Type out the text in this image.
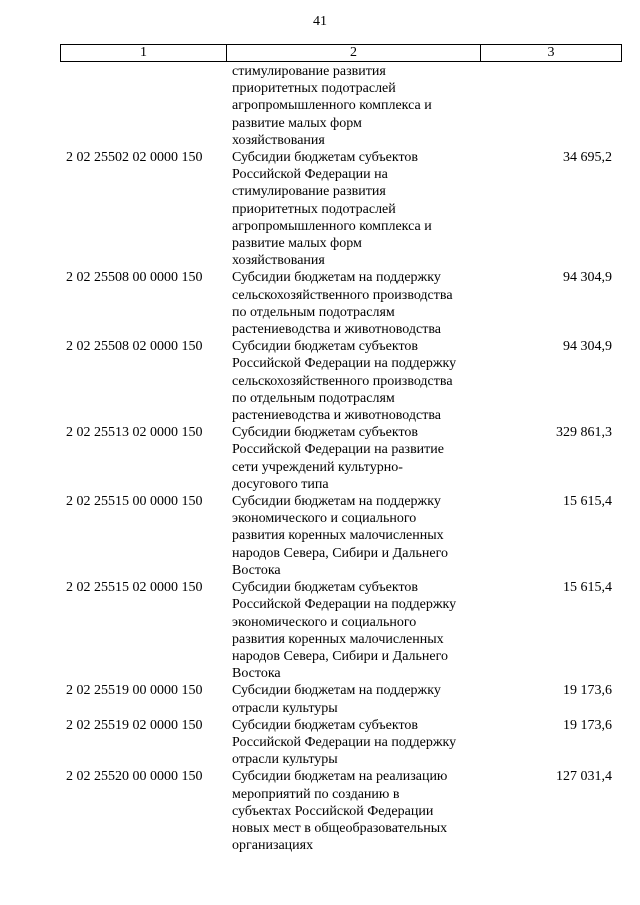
41
1	2	3
стимулирование развития
приоритетных подотраслей
агропромышленного комплекса и
развитие малых форм
хозяйствования
2 02 25502 02 0000 150	Субсидии бюджетам субъектов
Российской Федерации на
стимулирование развития
приоритетных подотраслей
агропромышленного комплекса и
развитие малых форм
хозяйствования
34 695,2
2 02 25508 00 0000 150	Субсидии бюджетам на поддержку
сельскохозяйственного производства
по отдельным подотраслям
растениеводства и животноводства
94 304,9
2 02 25508 02 0000 150	Субсидии бюджетам субъектов
Российской Федерации на поддержку
сельскохозяйственного производства
по отдельным подотраслям
растениеводства и животноводства
94 304,9
2 02 25513 02 0000 150	Субсидии бюджетам субъектов
Российской Федерации на развитие
сети учреждений культурно-
досугового типа
329 861,3
2 02 25515 00 0000 150	Субсидии бюджетам на поддержку
экономического и социального
развития коренных малочисленных
народов Севера, Сибири и Дальнего
Востока
15 615,4
2 02 25515 02 0000 150	Субсидии бюджетам субъектов
Российской Федерации на поддержку
экономического и социального
развития коренных малочисленных
народов Севера, Сибири и Дальнего
Востока
15 615,4
2 02 25519 00 0000 150	Субсидии бюджетам на поддержку
отрасли культуры
19 173,6
2 02 25519 02 0000 150	Субсидии бюджетам субъектов
Российской Федерации на поддержку
отрасли культуры
19 173,6
2 02 25520 00 0000 150	Субсидии бюджетам на реализацию
мероприятий по созданию в
субъектах Российской Федерации
новых мест в общеобразовательных
организациях
127 031,4
